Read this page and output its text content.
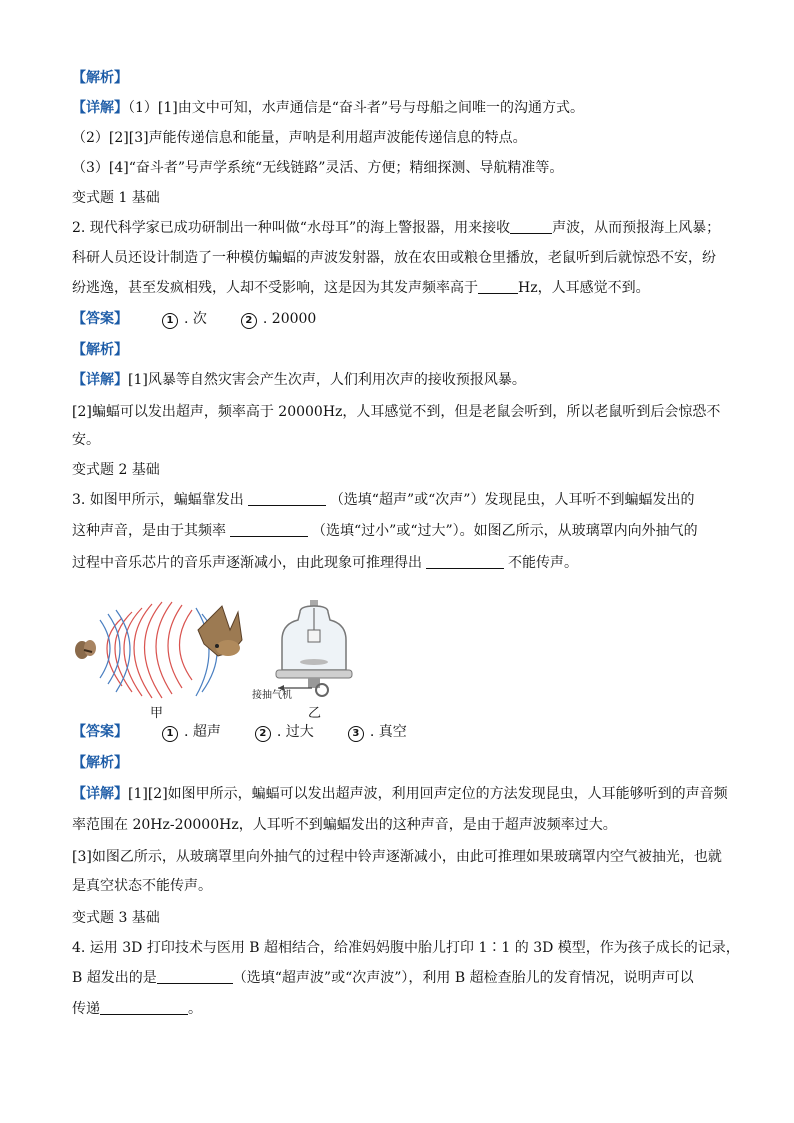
【解析】
【详解】（1）[1]由文中可知，水声通信是“奋斗者”号与母船之间唯一的沟通方式。
（2）[2][3]声能传递信息和能量，声呐是利用超声波能传递信息的特点。
（3）[4]“奋斗者”号声学系统“无线链路”灵活、方便；精细探测、导航精准等。
变式题 1 基础
2. 现代科学家已成功研制出一种叫做“水母耳”的海上警报器，用来接收	声波，从而预报海上风暴；
科研人员还设计制造了一种模仿蝙蝠的声波发射器，放在农田或粮仓里播放，老鼠听到后就惊恐不安，纷
纷逃逸，甚至发疯相残，人却不受影响，这是因为其发声频率高于	Hz，人耳感觉不到。
【答案】	1 . 次	2 . 20000
【解析】
【详解】[1]风暴等自然灾害会产生次声，人们利用次声的接收预报风暴。
[2]蝙蝠可以发出超声，频率高于 20000Hz，人耳感觉不到，但是老鼠会听到，所以老鼠听到后会惊恐不
安。
变式题 2 基础
3. 如图甲所示，蝙蝠靠发出	（选填“超声”或“次声”）发现昆虫，人耳听不到蝙蝠发出的
这种声音，是由于其频率	（选填“过小”或“过大”）。如图乙所示，从玻璃罩内向外抽气的
过程中音乐芯片的音乐声逐渐减小，由此现象可推理得出	不能传声。
接抽气机
甲	乙
【答案】	1 . 超声	2 . 过大	3 . 真空
【解析】
【详解】[1][2]如图甲所示，蝙蝠可以发出超声波，利用回声定位的方法发现昆虫，人耳能够听到的声音频
率范围在 20Hz-20000Hz，人耳听不到蝙蝠发出的这种声音，是由于超声波频率过大。
[3]如图乙所示，从玻璃罩里向外抽气的过程中铃声逐渐减小，由此可推理如果玻璃罩内空气被抽光，也就
是真空状态不能传声。
变式题 3 基础
4. 运用 3D 打印技术与医用 B 超相结合，给准妈妈腹中胎儿打印 1∶1 的 3D 模型，作为孩子成长的记录，
B 超发出的是	（选填“超声波”或“次声波”），利用 B 超检查胎儿的发育情况，说明声可以
传递	。
